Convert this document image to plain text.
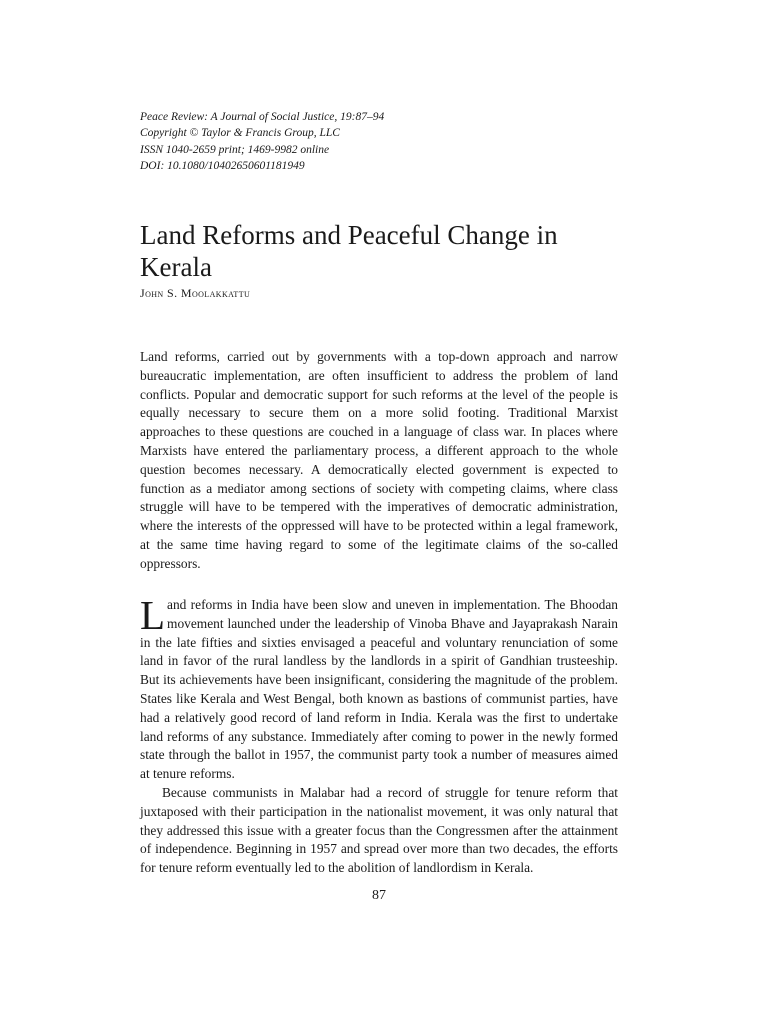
Peace Review: A Journal of Social Justice, 19:87–94
Copyright © Taylor & Francis Group, LLC
ISSN 1040-2659 print; 1469-9982 online
DOI: 10.1080/10402650601181949
Land Reforms and Peaceful Change in Kerala
John S. Moolakkattu

Land reforms, carried out by governments with a top-down approach and narrow bureaucratic implementation, are often insufficient to address the problem of land conflicts. Popular and democratic support for such reforms at the level of the people is equally necessary to secure them on a more solid footing. Traditional Marxist approaches to these questions are couched in a language of class war. In places where Marxists have entered the parliamentary process, a different approach to the whole question becomes necessary. A democratically elected government is expected to function as a mediator among sections of society with competing claims, where class struggle will have to be tempered with the imperatives of democratic administration, where the interests of the oppressed will have to be protected within a legal framework, at the same time having regard to some of the legitimate claims of the so-called oppressors.

Land reforms in India have been slow and uneven in implementation. The Bhoodan movement launched under the leadership of Vinoba Bhave and Jayaprakash Narain in the late fifties and sixties envisaged a peaceful and voluntary renunciation of some land in favor of the rural landless by the landlords in a spirit of Gandhian trusteeship. But its achievements have been insignificant, considering the magnitude of the problem. States like Kerala and West Bengal, both known as bastions of communist parties, have had a relatively good record of land reform in India. Kerala was the first to undertake land reforms of any substance. Immediately after coming to power in the newly formed state through the ballot in 1957, the communist party took a number of measures aimed at tenure reforms.

Because communists in Malabar had a record of struggle for tenure reform that juxtaposed with their participation in the nationalist movement, it was only natural that they addressed this issue with a greater focus than the Congressmen after the attainment of independence. Beginning in 1957 and spread over more than two decades, the efforts for tenure reform eventually led to the abolition of landlordism in Kerala.

87
